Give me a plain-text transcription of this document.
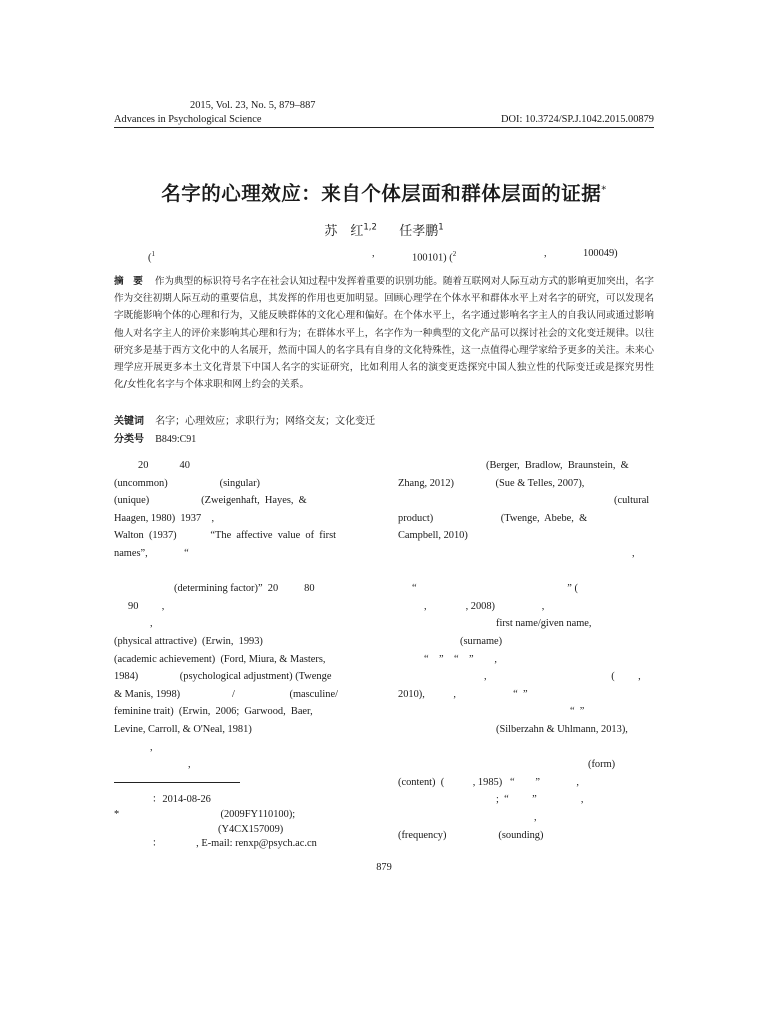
2015, Vol. 23, No. 5, 879–887
Advances in Psychological Science	DOI: 10.3724/SP.J.1042.2015.00879
名字的心理效应：来自个体层面和群体层面的证据*
苏　红$^{1,2}$ 任孝鹏$^1$
($^1$	,	100101) ($^2$	,	100049)
摘　要 作为典型的标识符号名字在社会认知过程中发挥着重要的识别功能。随着互联网对人际互动方式的影响更加突出，名字作为交往初期人际互动的重要信息，其发挥的作用也更加明显。回顾心理学在个体水平和群体水平上对名字的研究，可以发现名字既能影响个体的心理和行为，又能反映群体的文化心理和偏好。在个体水平上，名字通过影响名字主人的自我认同或通过影响他人对名字主人的评价来影响其心理和行为；在群体水平上，名字作为一种典型的文化产品可以探讨社会的文化变迁规律。以往研究多是基于西方文化中的人名展开，然而中国人的名字具有自身的文化特殊性，这一点值得心理学家给予更多的关注。未来心理学应开展更多本土文化背景下中国人名字的实证研究，比如利用人名的演变更迭探究中国人独立性的代际变迁或是探究男性化/女性化名字与个体求职和网上约会的关系。
关键词 名字；心理效应；求职行为；网络交友；文化变迁
分类号 B849:C91
20　　　40
(uncommon)                    (singular)
(unique)                    (Zweigenhaft,  Hayes,  &
Haagen, 1980)  1937　,
Walton  (1937)             “The  affective  value  of  first
names”,              “
(determining factor)”  20          80
90         ,
,
(physical attractive)  (Erwin,  1993)
(academic achievement)  (Ford, Miura, & Masters,
1984)                (psychological adjustment) (Twenge
& Manis, 1998)                    /                     (masculine/
feminine trait)  (Erwin,  2006;  Garwood,  Baer,
Levine, Carroll, & O'Neal, 1981)
,
,
(Berger,  Bradlow,  Braunstein,  &
Zhang, 2012)                (Sue & Telles, 2007),
(cultural
product)                          (Twenge,  Abebe,  &
Campbell, 2010)
,
“                                                          ” (
,               , 2008)                  ,
first name/given name,
(surname)
“　”　“　”　　,
,                                                (         ,
2010),           ,                      “  ”
“  ”
(Silberzahn & Uhlmann, 2013),
(form)
(content)  (           , 1985)   “        ”              ,
;  “         ”                 ,
,
(frequency)                    (sounding)
：2014-08-26
*                                       (2009FY110100);
(Y4CX157009)
：             , E-mail: renxp@psych.ac.cn
879
